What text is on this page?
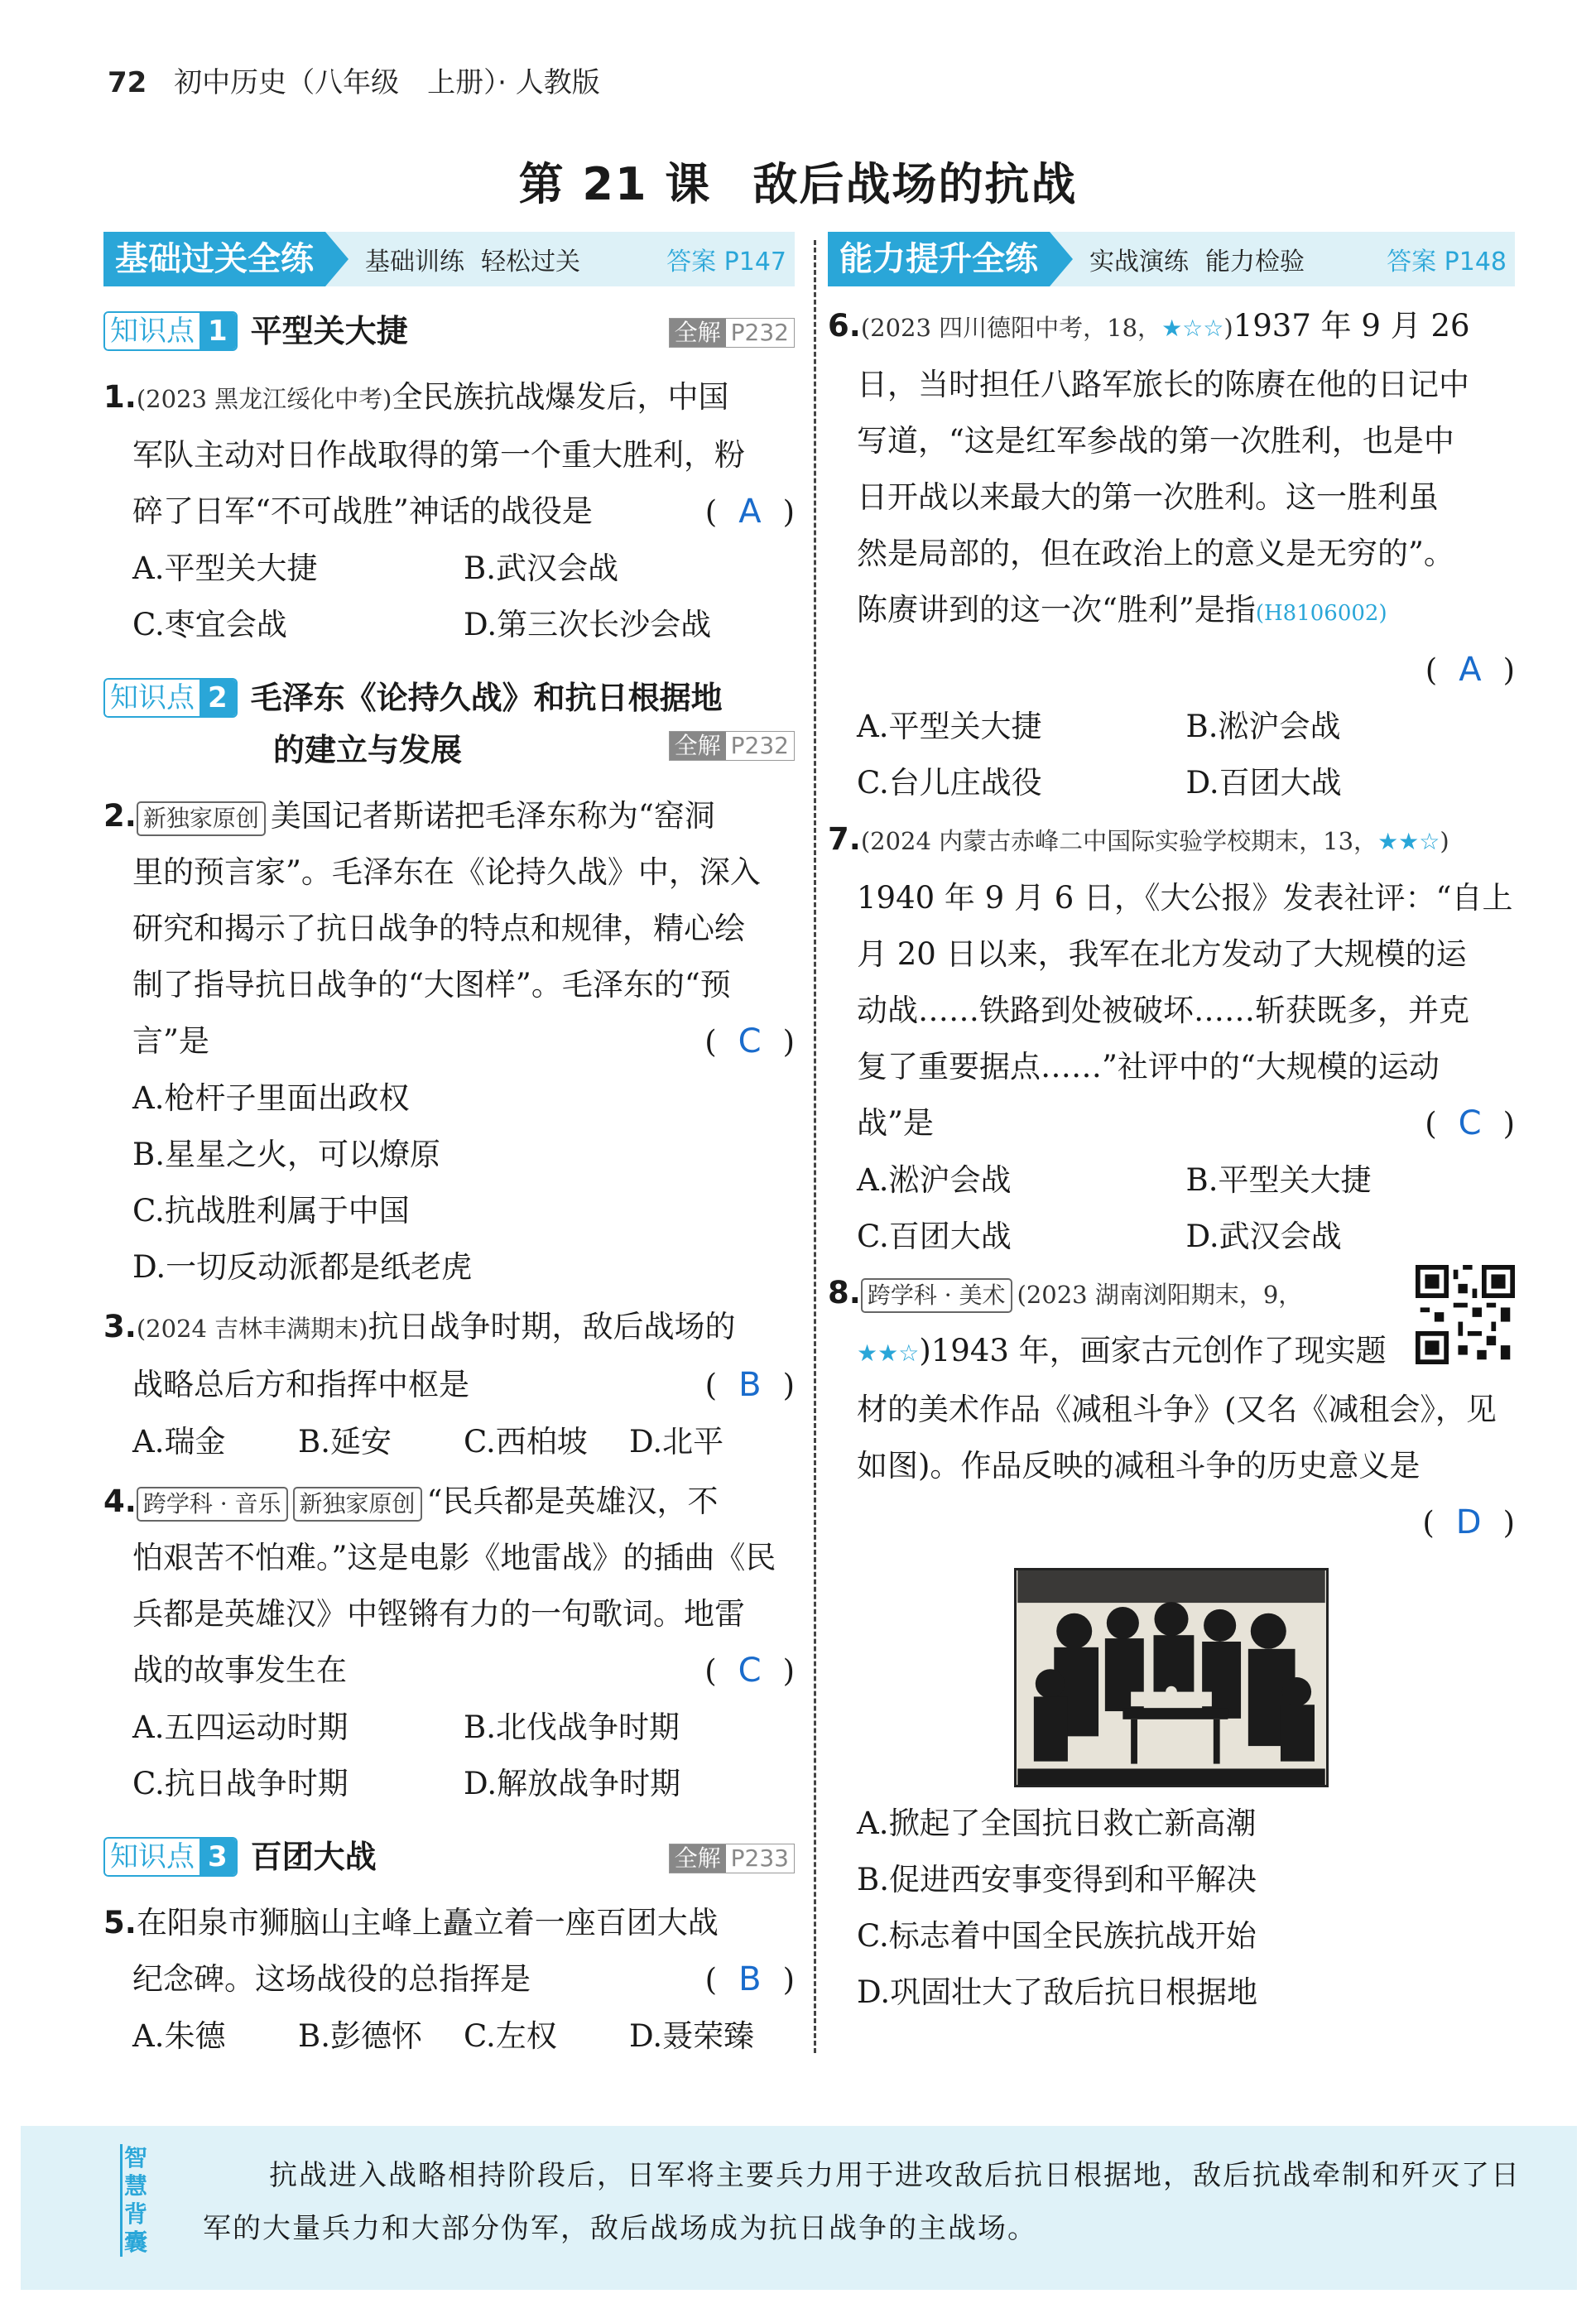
72 初中历史（八年级　上册）· 人教版
第 21 课 敌后战场的抗战
基础过关全练	基础训练 轻松过关	答案 P147
知识点 1 平型关大捷	全解 P232
1.(2023 黑龙江绥化中考)全民族抗战爆发后，中国
军队主动对日作战取得的第一个重大胜利，粉
碎了日军“不可战胜”神话的战役是	( A )
A.平型关大捷	B.武汉会战
C.枣宜会战	D.第三次长沙会战
知识点 2 毛泽东《论持久战》和抗日根据地
的建立与发展	全解 P232
2. 新独家原创 美国记者斯诺把毛泽东称为“窑洞
里的预言家”。毛泽东在《论持久战》中，深入
研究和揭示了抗日战争的特点和规律，精心绘
制了指导抗日战争的“大图样”。毛泽东的“预
言”是	( C )
A.枪杆子里面出政权
B.星星之火，可以燎原
C.抗战胜利属于中国
D.一切反动派都是纸老虎
3.(2024 吉林丰满期末)抗日战争时期，敌后战场的
战略总后方和指挥中枢是	( B )
A.瑞金	B.延安	C.西柏坡	D.北平
4. 跨学科 · 音乐 新独家原创 “民兵都是英雄汉，不
怕艰苦不怕难。”这是电影《地雷战》的插曲《民
兵都是英雄汉》中铿锵有力的一句歌词。地雷
战的故事发生在	( C )
A.五四运动时期	B.北伐战争时期
C.抗日战争时期	D.解放战争时期
知识点 3 百团大战	全解 P233
5.在阳泉市狮脑山主峰上矗立着一座百团大战
纪念碑。这场战役的总指挥是	( B )
A.朱德	B.彭德怀	C.左权	D.聂荣臻
能力提升全练	实战演练 能力检验	答案 P148
6.(2023 四川德阳中考，18，★☆☆)1937 年 9 月 26
日，当时担任八路军旅长的陈赓在他的日记中
写道，“这是红军参战的第一次胜利，也是中
日开战以来最大的第一次胜利。这一胜利虽
然是局部的，但在政治上的意义是无穷的”。
陈赓讲到的这一次“胜利”是指(H8106002)
( A )
A.平型关大捷	B.淞沪会战
C.台儿庄战役	D.百团大战
7.(2024 内蒙古赤峰二中国际实验学校期末，13，★★☆)
1940 年 9 月 6 日，《大公报》发表社评：“自上
月 20 日以来，我军在北方发动了大规模的运
动战……铁路到处被破坏……斩获既多，并克
复了重要据点……”社评中的“大规模的运动
战”是	( C )
A.淞沪会战	B.平型关大捷
C.百团大战	D.武汉会战
8. 跨学科 · 美术 (2023 湖南浏阳期末，9，
★★☆)1943 年，画家古元创作了现实题
材的美术作品《减租斗争》(又名《减租会》，见
如图)。作品反映的减租斗争的历史意义是
( D )
A.掀起了全国抗日救亡新高潮
B.促进西安事变得到和平解决
C.标志着中国全民族抗战开始
D.巩固壮大了敌后抗日根据地
智慧背囊
抗战进入战略相持阶段后，日军将主要兵力用于进攻敌后抗日根据地，敌后抗战牵制和歼灭了日军的大量兵力和大部分伪军，敌后战场成为抗日战争的主战场。
